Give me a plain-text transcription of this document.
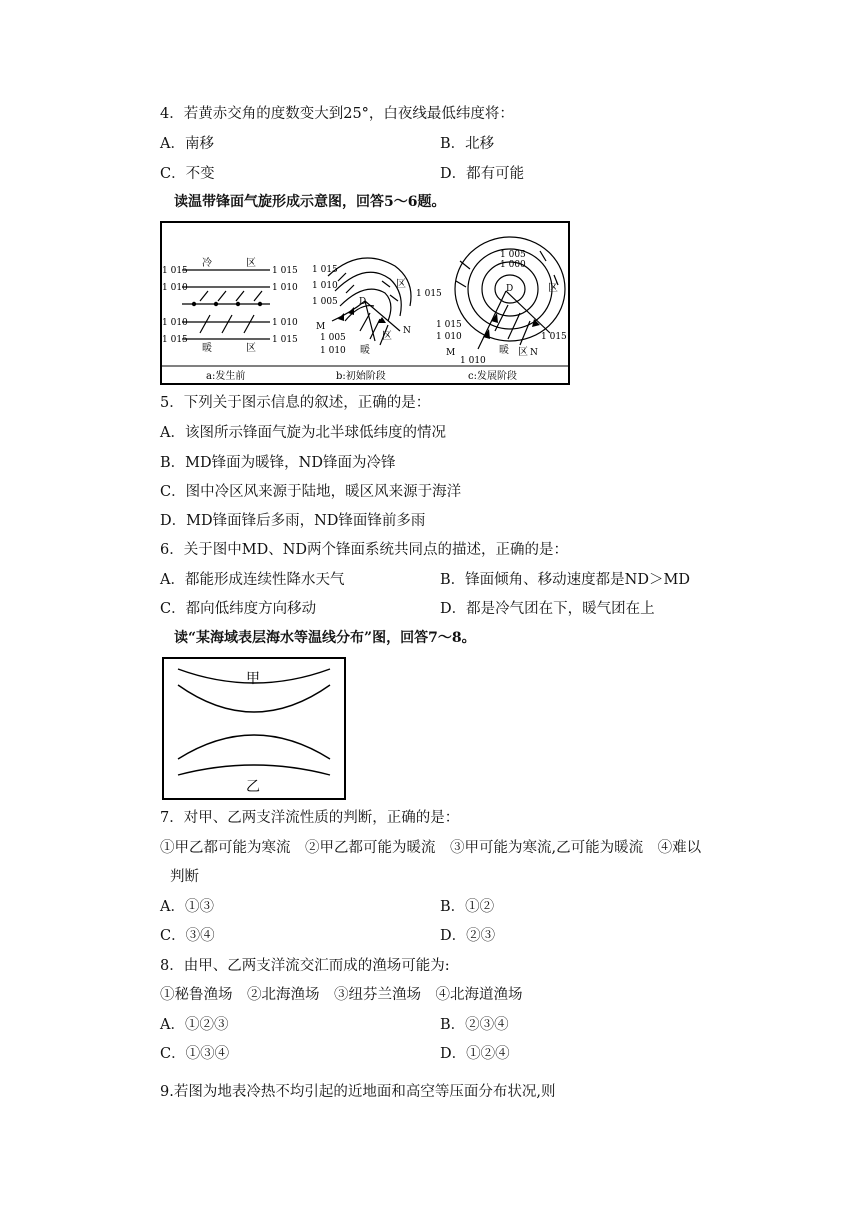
4．若黄赤交角的度数变大到25°，白夜线最低纬度将：
A．南移	B．北移
C．不变	D．都有可能
读温带锋面气旋形成示意图，回答5～6题。
1 015
1 010
1 010
1 015
1 015
1 010
1 010
1 015
冷	区
暖	区
a:发生前
1 015
1 010
1 005
1 015
1 005
1 010
D
M	N
区
暖
区
b:初始阶段
1 005
1 000
D	区
1 015
1 010	1 015
M
1 010
暖 区 N
c:发展阶段
5．下列关于图示信息的叙述，正确的是：
A．该图所示锋面气旋为北半球低纬度的情况
B．MD锋面为暖锋，ND锋面为冷锋
C．图中冷区风来源于陆地，暖区风来源于海洋
D．MD锋面锋后多雨，ND锋面锋前多雨
6．关于图中MD、ND两个锋面系统共同点的描述，正确的是：
A．都能形成连续性降水天气	B．锋面倾角、移动速度都是ND＞MD
C．都向低纬度方向移动	D．都是冷气团在下，暖气团在上
读“某海域表层海水等温线分布”图，回答7～8。
甲
乙
7．对甲、乙两支洋流性质的判断，正确的是：
①甲乙都可能为寒流　②甲乙都可能为暖流　③甲可能为寒流,乙可能为暖流　④难以
判断
A．①③	B．①②
C．③④	D．②③
8．由甲、乙两支洋流交汇而成的渔场可能为:
①秘鲁渔场　②北海渔场　③纽芬兰渔场　④北海道渔场
A．①②③	B．②③④
C．①③④	D．①②④
9.若图为地表冷热不均引起的近地面和高空等压面分布状况,则
